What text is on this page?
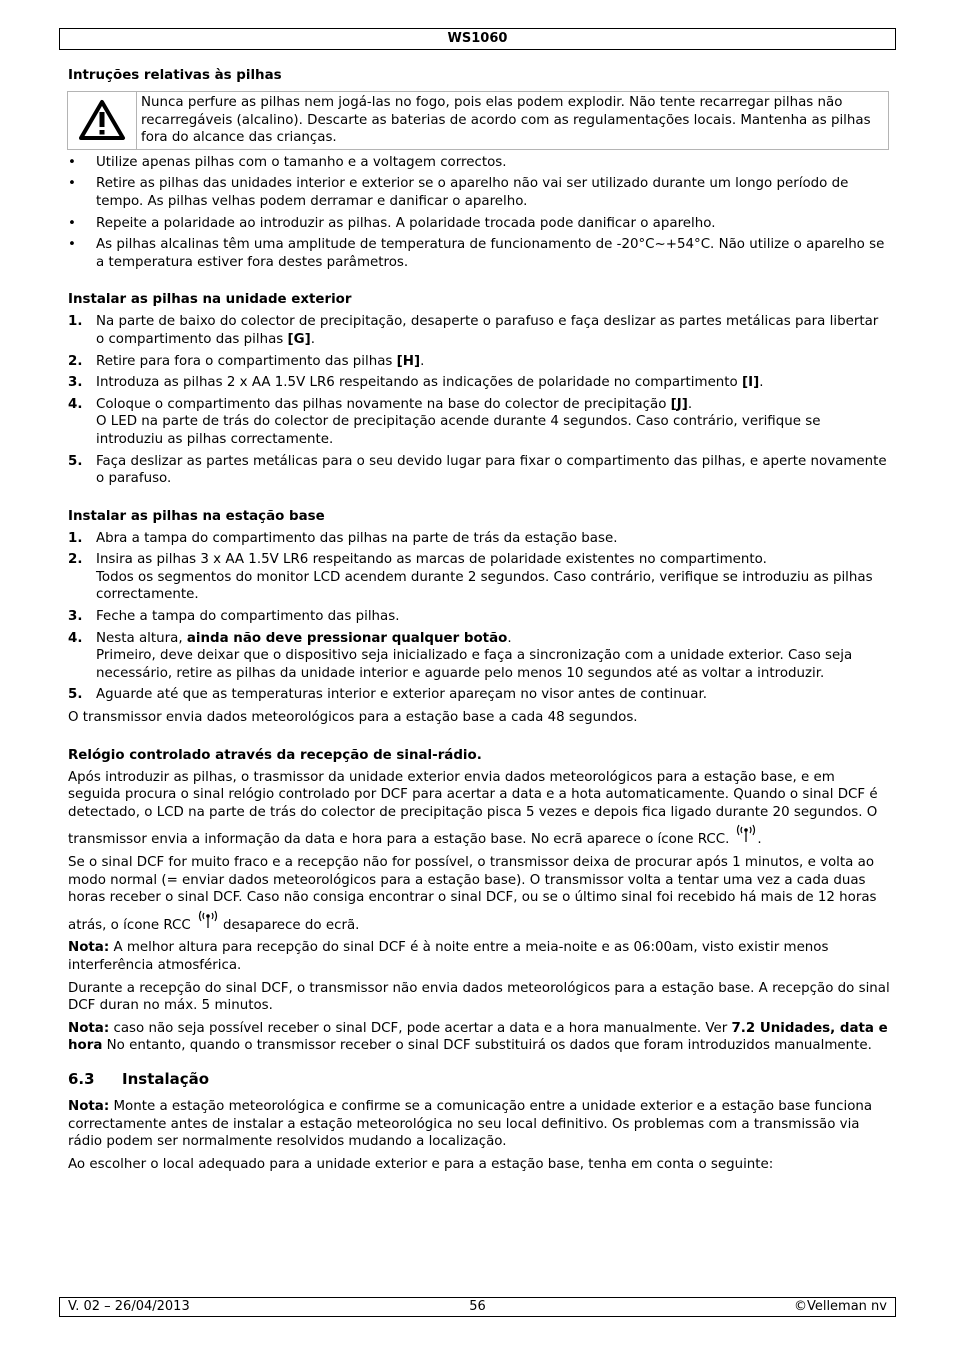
WS1060
Intruções relativas às pilhas
Nunca perfure as pilhas nem jogá-las no fogo, pois elas podem explodir. Não tente recarregar pilhas não recarregáveis (alcalino). Descarte as baterias de acordo com as regulamentações locais. Mantenha as pilhas fora do alcance das crianças.
• Utilize apenas pilhas com o tamanho e a voltagem correctos.
• Retire as pilhas das unidades interior e exterior se o aparelho não vai ser utilizado durante um longo período de tempo. As pilhas velhas podem derramar e danificar o aparelho.
• Repeite a polaridade ao introduzir as pilhas. A polaridade trocada pode danificar o aparelho.
• As pilhas alcalinas têm uma amplitude de temperatura de funcionamento de -20°C~+54°C. Não utilize o aparelho se a temperatura estiver fora destes parâmetros.
Instalar as pilhas na unidade exterior
1. Na parte de baixo do colector de precipitação, desaperte o parafuso e faça deslizar as partes metálicas para libertar o compartimento das pilhas [G].
2. Retire para fora o compartimento das pilhas [H].
3. Introduza as pilhas 2 x AA 1.5V LR6 respeitando as indicações de polaridade no compartimento [I].
4. Coloque o compartimento das pilhas novamente na base do colector de precipitação [J].
O LED na parte de trás do colector de precipitação acende durante 4 segundos. Caso contrário, verifique se introduziu as pilhas correctamente.
5. Faça deslizar as partes metálicas para o seu devido lugar para fixar o compartimento das pilhas, e aperte novamente o parafuso.
Instalar as pilhas na estação base
1. Abra a tampa do compartimento das pilhas na parte de trás da estação base.
2. Insira as pilhas 3 x AA 1.5V LR6 respeitando as marcas de polaridade existentes no compartimento.
Todos os segmentos do monitor LCD acendem durante 2 segundos. Caso contrário, verifique se introduziu as pilhas correctamente.
3. Feche a tampa do compartimento das pilhas.
4. Nesta altura, ainda não deve pressionar qualquer botão.
Primeiro, deve deixar que o dispositivo seja inicializado e faça a sincronização com a unidade exterior. Caso seja necessário, retire as pilhas da unidade interior e aguarde pelo menos 10 segundos até as voltar a introduzir.
5. Aguarde até que as temperaturas interior e exterior apareçam no visor antes de continuar.

O transmissor envia dados meteorológicos para a estação base a cada 48 segundos.

Relógio controlado através da recepção de sinal-rádio.

Após introduzir as pilhas, o trasmissor da unidade exterior envia dados meteorológicos para a estação base, e em seguida procura o sinal relógio controlado por DCF para acertar a data e a hota automaticamente. Quando o sinal DCF é detectado, o LCD na parte de trás do colector de precipitação pisca 5 vezes e depois fica ligado durante 20 segundos. O transmissor envia a informação da data e hora para a estação base. No ecrã aparece o ícone RCC. .

Se o sinal DCF for muito fraco e a recepção não for possível, o transmissor deixa de procurar após 1 minutos, e volta ao modo normal (= enviar dados meteorológicos para a estação base). O transmissor volta a tentar uma vez a cada duas horas receber o sinal DCF. Caso não consiga encontrar o sinal DCF, ou se o último sinal foi recebido há mais de 12 horas atrás, o ícone RCC desaparece do ecrã.

Nota: A melhor altura para recepção do sinal DCF é à noite entre a meia-noite e as 06:00am, visto existir menos interferência atmosférica.

Durante a recepção do sinal DCF, o transmissor não envia dados meteorológicos para a estação base. A recepção do sinal DCF duran no máx. 5 minutos.

Nota: caso não seja possível receber o sinal DCF, pode acertar a data e a hora manualmente. Ver 7.2 Unidades, data e hora No entanto, quando o transmissor receber o sinal DCF substituirá os dados que foram introduzidos manualmente.

6.3 Instalação

Nota: Monte a estação meteorológica e confirme se a comunicação entre a unidade exterior e a estação base funciona correctamente antes de instalar a estação meteorológica no seu local definitivo. Os problemas com a transmissão via rádio podem ser normalmente resolvidos mudando a localização.

Ao escolher o local adequado para a unidade exterior e para a estação base, tenha em conta o seguinte:

V. 02 – 26/04/2013	56	©Velleman nv
